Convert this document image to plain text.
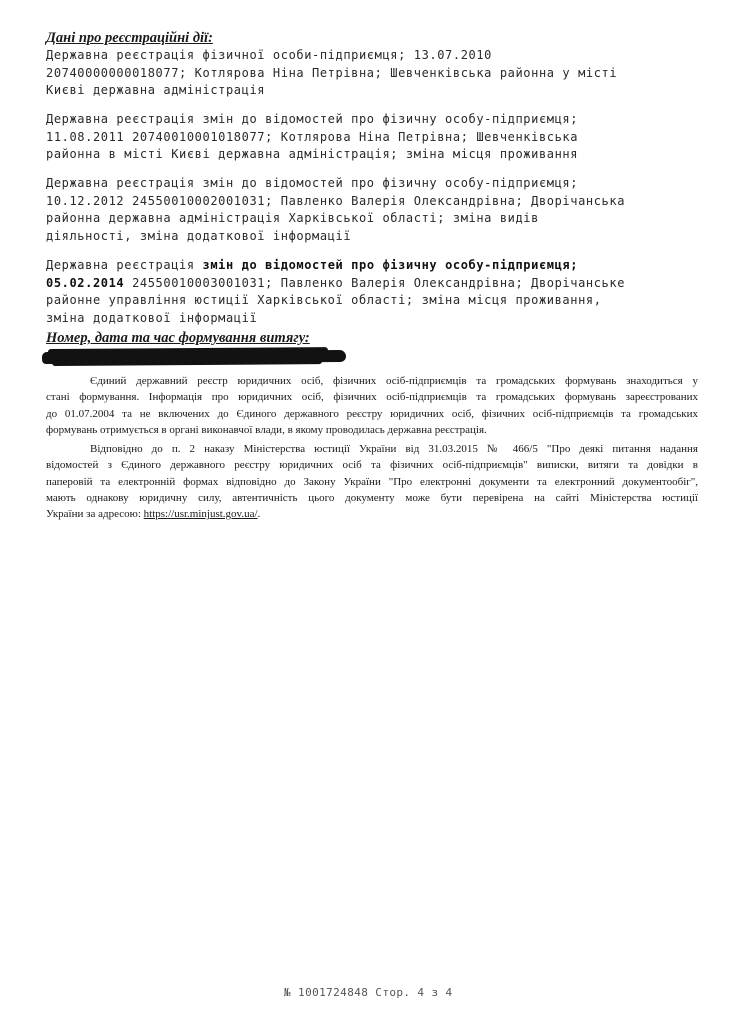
Дані про реєстраційні дії:
Державна реєстрація фізичної особи-підприємця; 13.07.2010
20740000000018077; Котлярова Ніна Петрівна; Шевченківська районна у місті
Києві державна адміністрація
Державна реєстрація змін до відомостей про фізичну особу-підприємця;
11.08.2011 20740010001018077; Котлярова Ніна Петрівна; Шевченківська
районна в місті Києві державна адміністрація; зміна місця проживання
Державна реєстрація змін до відомостей про фізичну особу-підприємця;
10.12.2012 24550010002001031; Павленко Валерія Олександрівна; Дворічанська
районна державна адміністрація Харківської області; зміна видів
діяльності, зміна додаткової інформації
Державна реєстрація змін до відомостей про фізичну особу-підприємця;
05.02.2014 24550010003001031; Павленко Валерія Олександрівна; Дворічанське
районне управління юстиції Харківської області; зміна місця проживання,
зміна додаткової інформації
Номер, дата та час формування витягу:
Єдиний державний реєстр юридичних осіб, фізичних осіб-підприємців та громадських формувань знаходиться у
стані формування. Інформація про юридичних осіб, фізичних осіб-підприємців та громадських формувань зареєстрованих
до 01.07.2004 та не включених до Єдиного державного реєстру юридичних осіб, фізичних осіб-підприємців та громадських
формувань отримується в органі виконавчої влади, в якому проводилась державна реєстрація.
Відповідно до п. 2 наказу Міністерства юстиції України від 31.03.2015 № 466/5 "Про деякі питання надання
відомостей з Єдиного державного реєстру юридичних осіб та фізичних осіб-підприємців" виписки, витяги та довідки в
паперовій та електронній формах відповідно до Закону України "Про електронні документи та електронний документообіг",
мають однакову юридичну силу, автентичність цього документу може бути перевірена на сайті Міністерства юстиції
України за адресою: https://usr.minjust.gov.ua/.
№ 1001724848 Стор. 4 з 4
